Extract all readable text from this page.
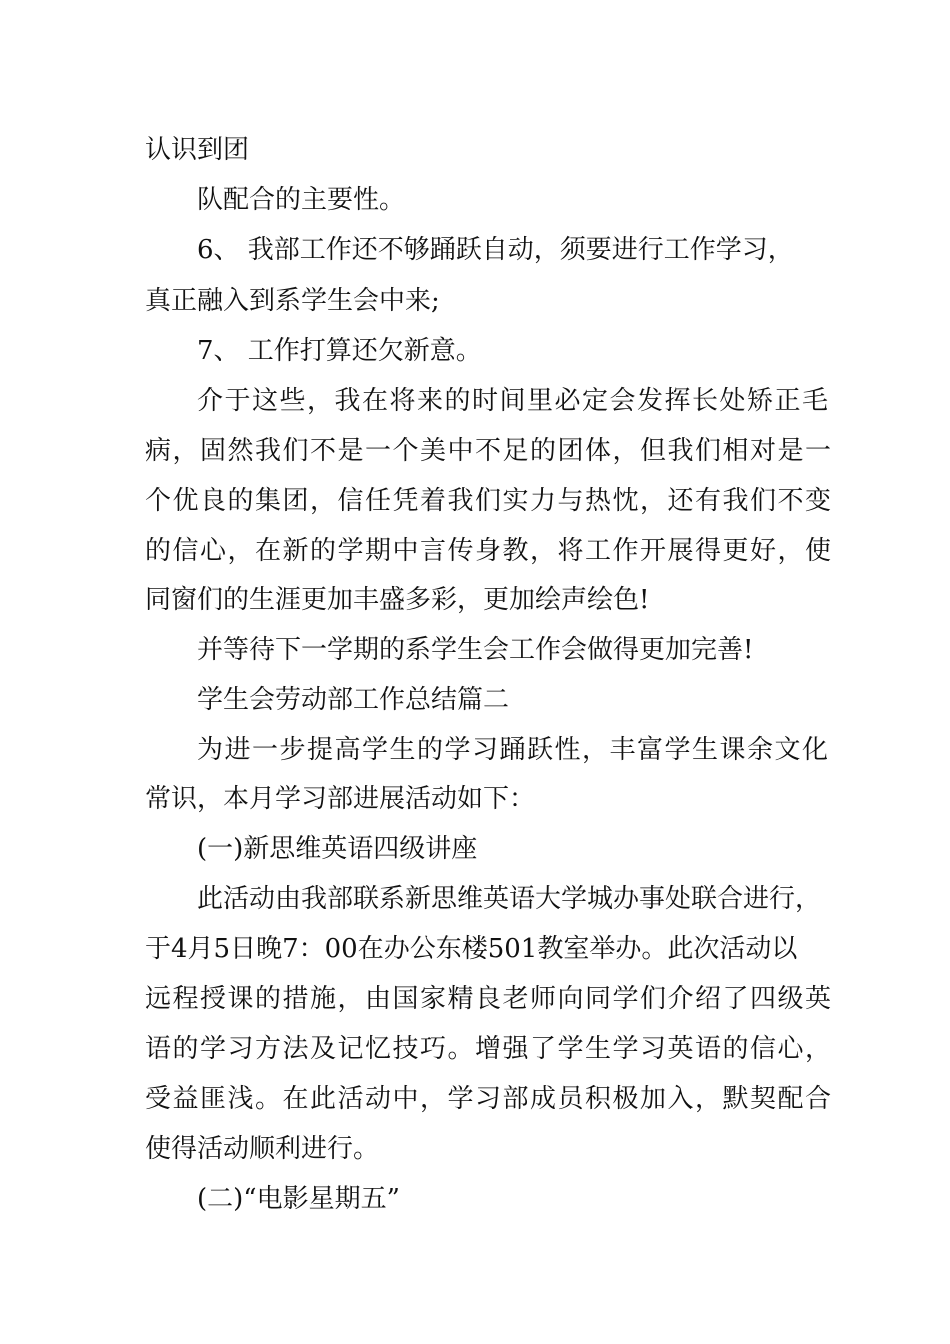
认识到团
队配合的主要性。
6、 我部工作还不够踊跃自动，须要进行工作学习，
真正融入到系学生会中来;
7、 工作打算还欠新意。
介于这些，我在将来的时间里必定会发挥长处矫正毛
病，固然我们不是一个美中不足的团体，但我们相对是一
个优良的集团，信任凭着我们实力与热忱，还有我们不变
的信心，在新的学期中言传身教，将工作开展得更好，使
同窗们的生涯更加丰盛多彩，更加绘声绘色!
并等待下一学期的系学生会工作会做得更加完善!
学生会劳动部工作总结篇二
为进一步提高学生的学习踊跃性，丰富学生课余文化
常识，本月学习部进展活动如下：
(一)新思维英语四级讲座
此活动由我部联系新思维英语大学城办事处联合进行，
于4月5日晚7：00在办公东楼501教室举办。此次活动以
远程授课的措施，由国家精良老师向同学们介绍了四级英
语的学习方法及记忆技巧。增强了学生学习英语的信心，
受益匪浅。在此活动中，学习部成员积极加入，默契配合
使得活动顺利进行。
(二)“电影星期五”
